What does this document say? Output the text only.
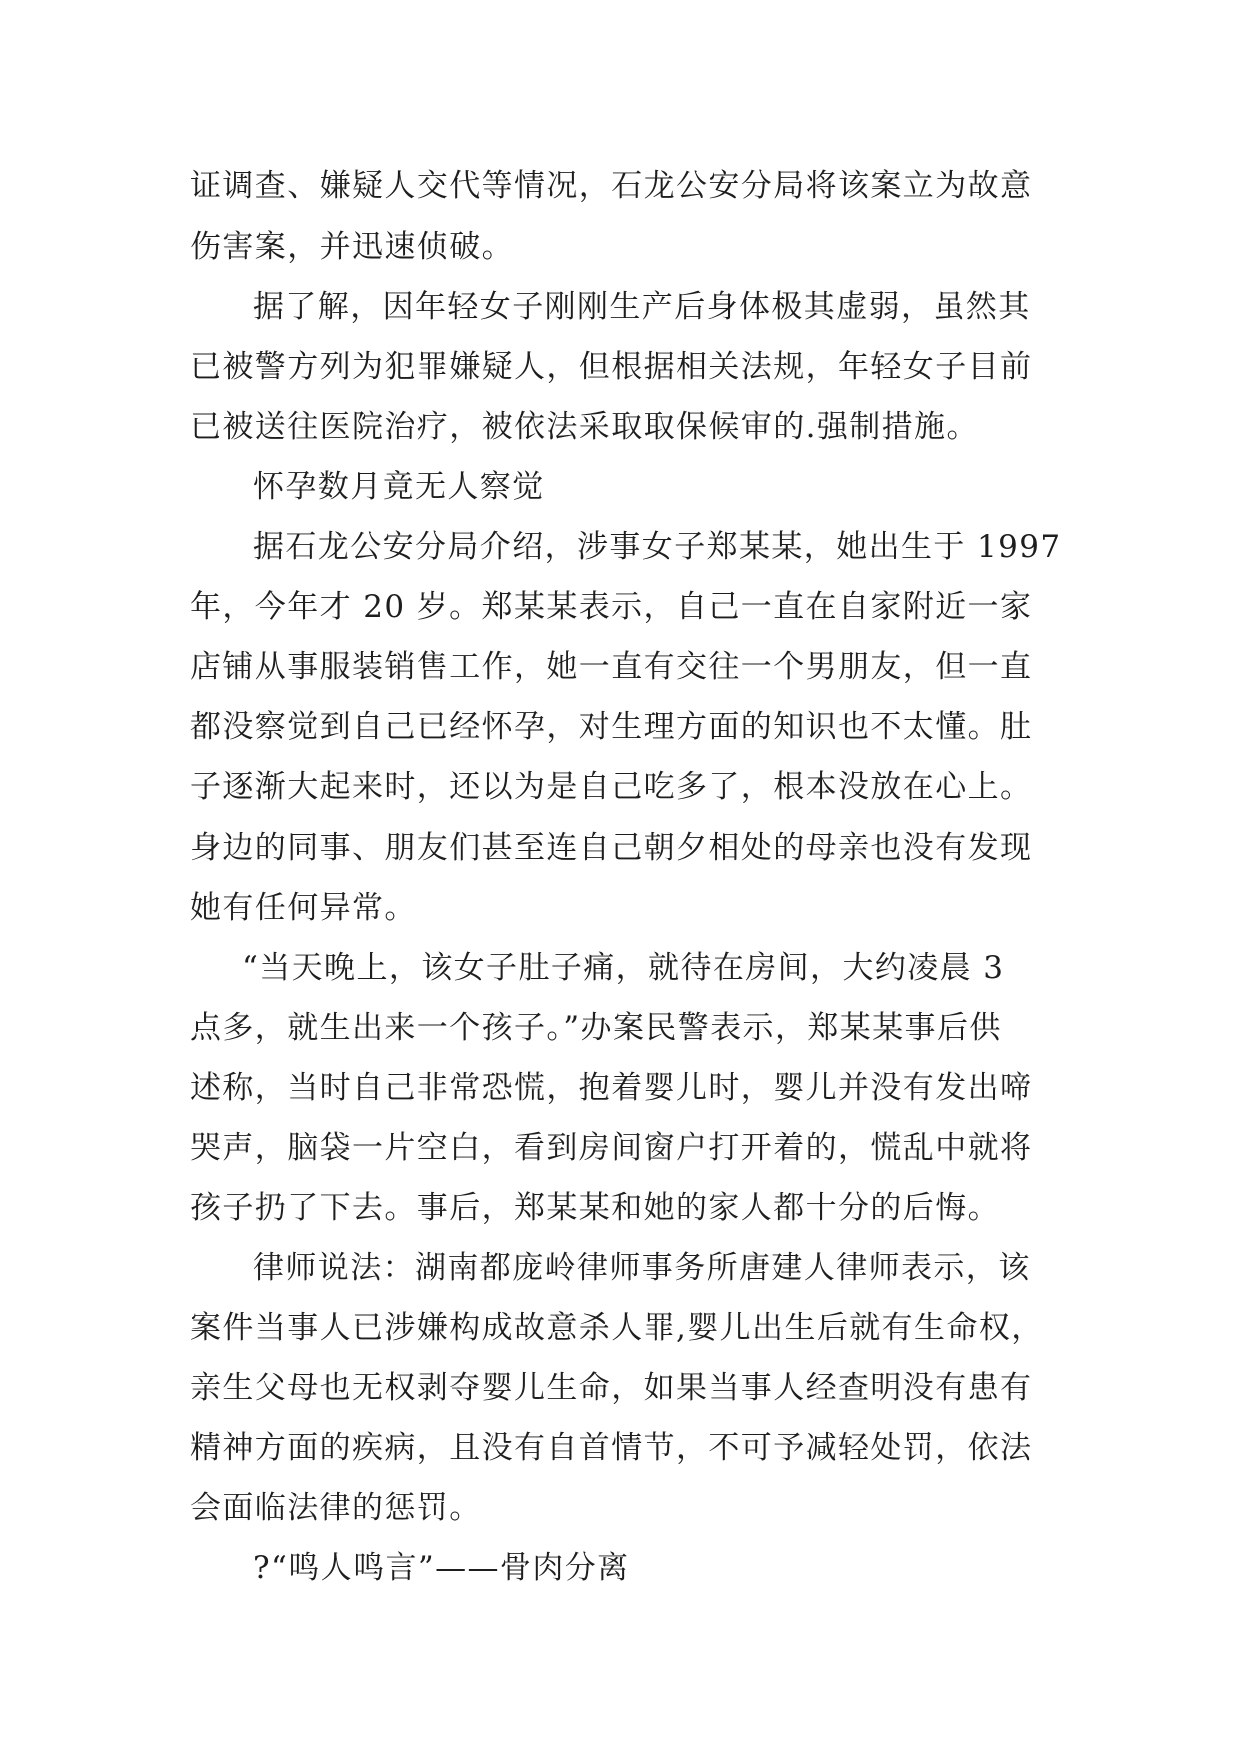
证调查、嫌疑人交代等情况，石龙公安分局将该案立为故意
伤害案，并迅速侦破。
据了解，因年轻女子刚刚生产后身体极其虚弱，虽然其
已被警方列为犯罪嫌疑人，但根据相关法规，年轻女子目前
已被送往医院治疗，被依法采取取保候审的.强制措施。
怀孕数月竟无人察觉
据石龙公安分局介绍，涉事女子郑某某，她出生于 1997
年，今年才 20 岁。郑某某表示，自己一直在自家附近一家
店铺从事服装销售工作，她一直有交往一个男朋友，但一直
都没察觉到自己已经怀孕，对生理方面的知识也不太懂。肚
子逐渐大起来时，还以为是自己吃多了，根本没放在心上。
身边的同事、朋友们甚至连自己朝夕相处的母亲也没有发现
她有任何异常。
“当天晚上，该女子肚子痛，就待在房间，大约凌晨 3
点多，就生出来一个孩子。”办案民警表示，郑某某事后供
述称，当时自己非常恐慌，抱着婴儿时，婴儿并没有发出啼
哭声，脑袋一片空白，看到房间窗户打开着的，慌乱中就将
孩子扔了下去。事后，郑某某和她的家人都十分的后悔。
律师说法：湖南都庞岭律师事务所唐建人律师表示，该
案件当事人已涉嫌构成故意杀人罪,婴儿出生后就有生命权，
亲生父母也无权剥夺婴儿生命，如果当事人经查明没有患有
精神方面的疾病，且没有自首情节，不可予减轻处罚，依法
会面临法律的惩罚。
?“鸣人鸣言”——骨肉分离
